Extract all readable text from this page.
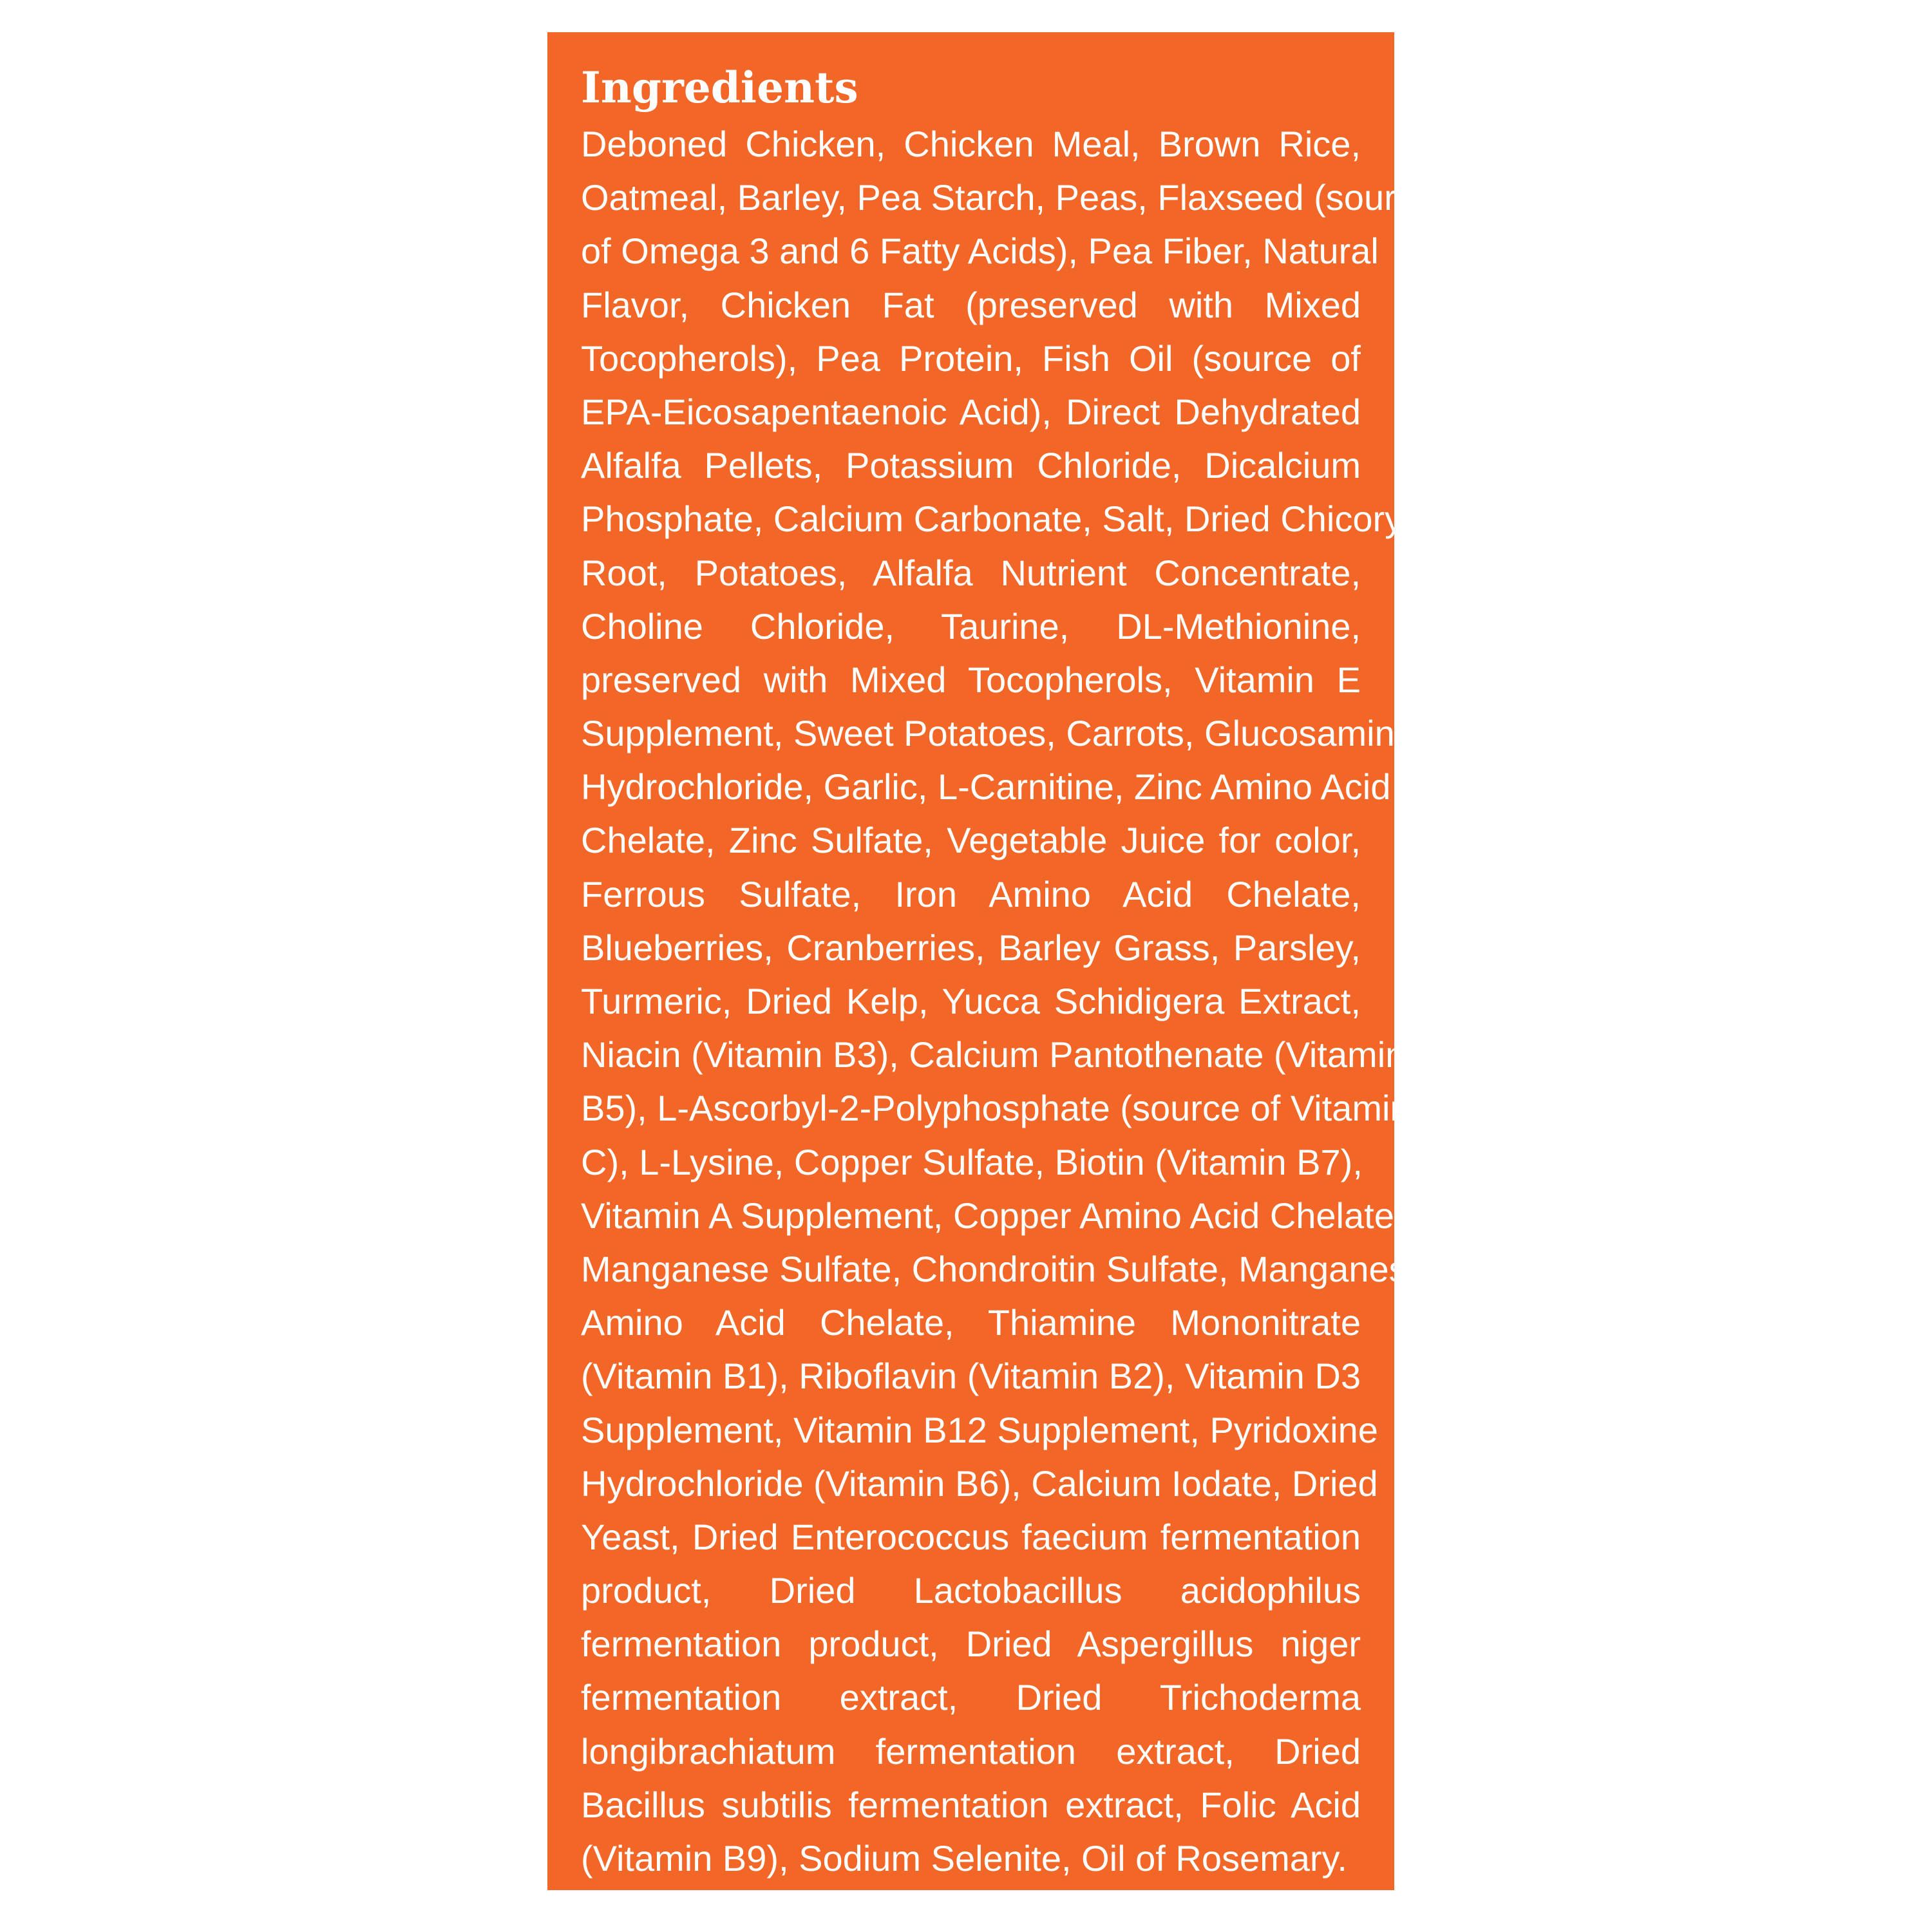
Ingredients
Deboned Chicken, Chicken Meal, Brown Rice,
Oatmeal, Barley, Pea Starch, Peas, Flaxseed (source
of Omega 3 and 6 Fatty Acids), Pea Fiber, Natural
Flavor, Chicken Fat (preserved with Mixed
Tocopherols), Pea Protein, Fish Oil (source of
EPA-Eicosapentaenoic Acid), Direct Dehydrated
Alfalfa Pellets, Potassium Chloride, Dicalcium
Phosphate, Calcium Carbonate, Salt, Dried Chicory
Root, Potatoes, Alfalfa Nutrient Concentrate,
Choline Chloride, Taurine, DL-Methionine,
preserved with Mixed Tocopherols, Vitamin E
Supplement, Sweet Potatoes, Carrots, Glucosamine
Hydrochloride, Garlic, L-Carnitine, Zinc Amino Acid
Chelate, Zinc Sulfate, Vegetable Juice for color,
Ferrous Sulfate, Iron Amino Acid Chelate,
Blueberries, Cranberries, Barley Grass, Parsley,
Turmeric, Dried Kelp, Yucca Schidigera Extract,
Niacin (Vitamin B3), Calcium Pantothenate (Vitamin
B5), L-Ascorbyl-2-Polyphosphate (source of Vitamin
C), L-Lysine, Copper Sulfate, Biotin (Vitamin B7),
Vitamin A Supplement, Copper Amino Acid Chelate,
Manganese Sulfate, Chondroitin Sulfate, Manganese
Amino Acid Chelate, Thiamine Mononitrate
(Vitamin B1), Riboflavin (Vitamin B2), Vitamin D3
Supplement, Vitamin B12 Supplement, Pyridoxine
Hydrochloride (Vitamin B6), Calcium Iodate, Dried
Yeast, Dried Enterococcus faecium fermentation
product, Dried Lactobacillus acidophilus
fermentation product, Dried Aspergillus niger
fermentation extract, Dried Trichoderma
longibrachiatum fermentation extract, Dried
Bacillus subtilis fermentation extract, Folic Acid
(Vitamin B9), Sodium Selenite, Oil of Rosemary.
